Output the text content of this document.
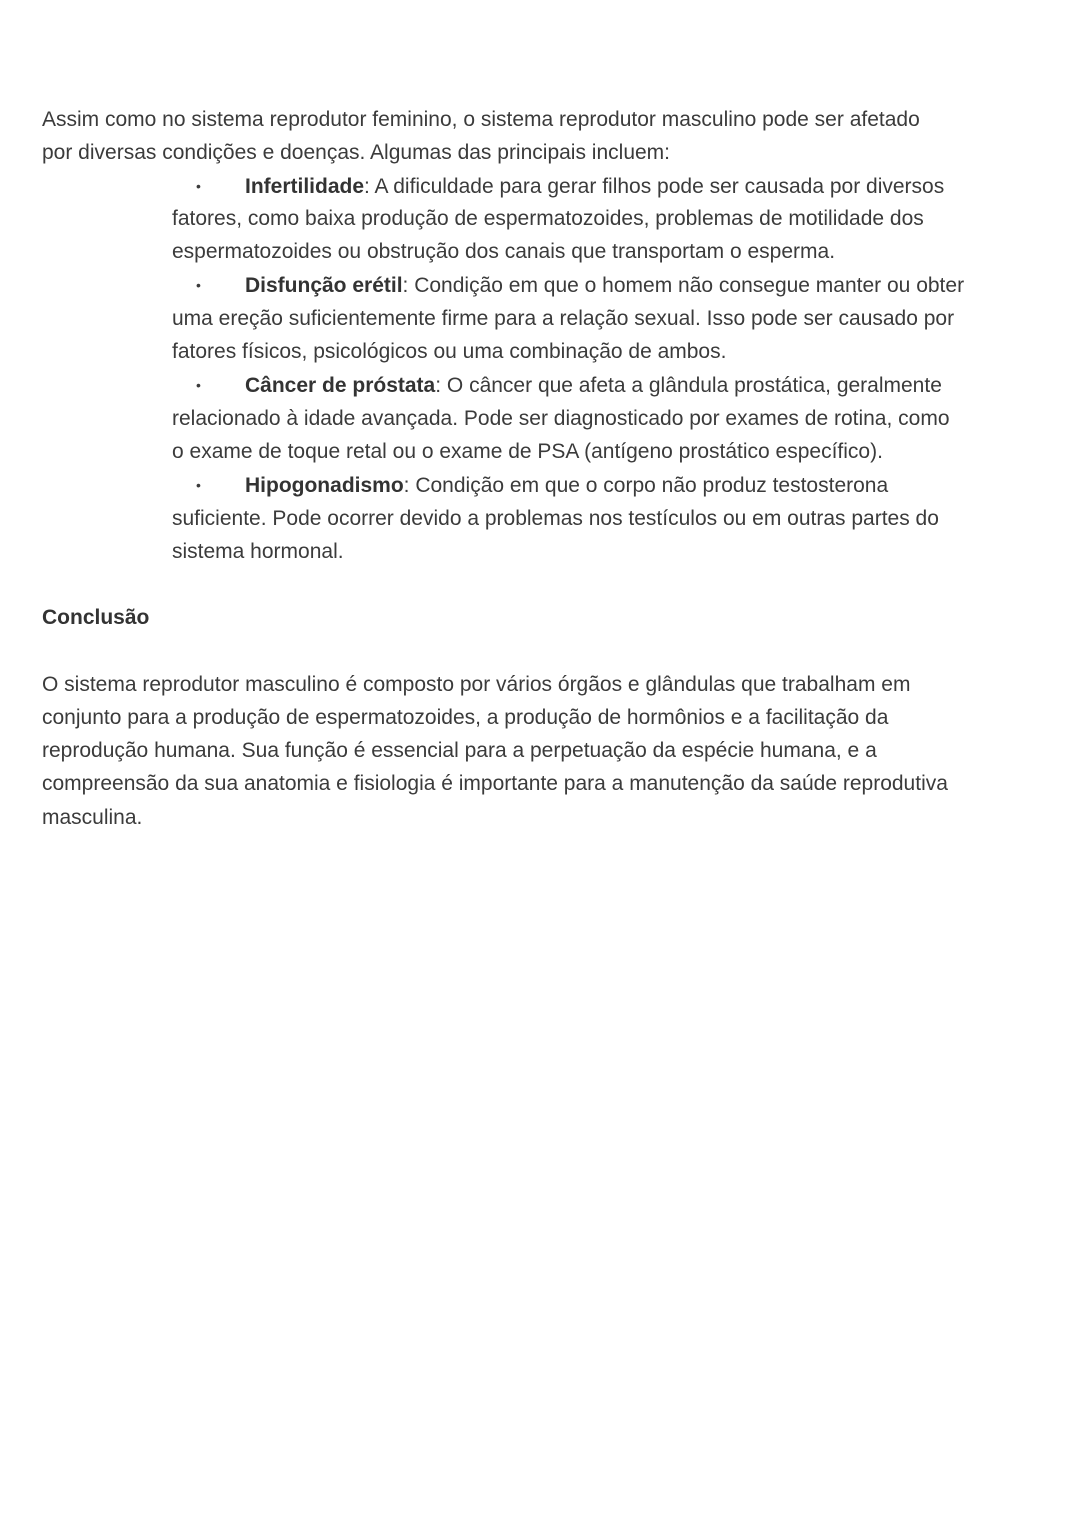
Assim como no sistema reprodutor feminino, o sistema reprodutor masculino pode ser afetado
por diversas condições e doenças. Algumas das principais incluem:
• Infertilidade: A dificuldade para gerar filhos pode ser causada por diversos
fatores, como baixa produção de espermatozoides, problemas de motilidade dos
espermatozoides ou obstrução dos canais que transportam o esperma.
• Disfunção erétil: Condição em que o homem não consegue manter ou obter
uma ereção suficientemente firme para a relação sexual. Isso pode ser causado por
fatores físicos, psicológicos ou uma combinação de ambos.
• Câncer de próstata: O câncer que afeta a glândula prostática, geralmente
relacionado à idade avançada. Pode ser diagnosticado por exames de rotina, como
o exame de toque retal ou o exame de PSA (antígeno prostático específico).
• Hipogonadismo: Condição em que o corpo não produz testosterona
suficiente. Pode ocorrer devido a problemas nos testículos ou em outras partes do
sistema hormonal.
Conclusão
O sistema reprodutor masculino é composto por vários órgãos e glândulas que trabalham em
conjunto para a produção de espermatozoides, a produção de hormônios e a facilitação da
reprodução humana. Sua função é essencial para a perpetuação da espécie humana, e a
compreensão da sua anatomia e fisiologia é importante para a manutenção da saúde reprodutiva
masculina.
